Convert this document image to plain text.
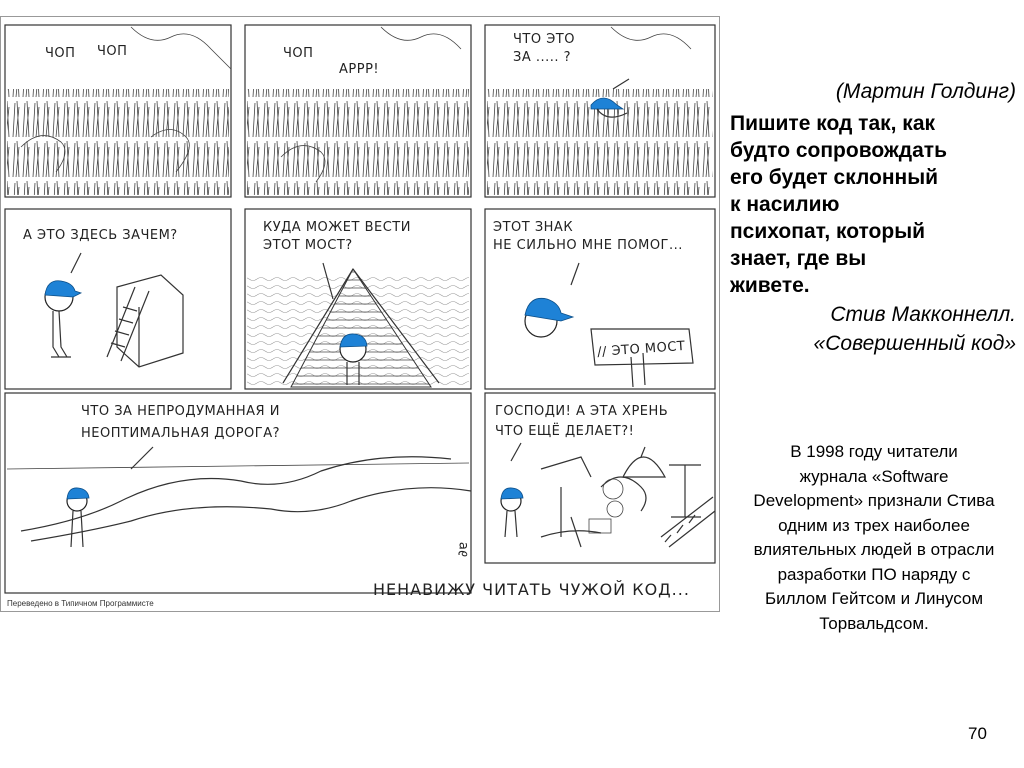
ЧОП ЧОП	ЧОП
АРРР!
ЧТО ЭТО
ЗА ..... ?
А ЭТО ЗДЕСЬ ЗАЧЕМ?
КУДА МОЖЕТ ВЕСТИ
ЭТОТ МОСТ?
ЭТОТ ЗНАК
НЕ СИЛЬНО МНЕ ПОМОГ...
// ЭТО МОСТ
ЧТО ЗА НЕПРОДУМАННАЯ И
НЕОПТИМАЛЬНАЯ ДОРОГА?
∂ɐ
ГОСПОДИ! А ЭТА ХРЕНЬ
ЧТО ЕЩЁ ДЕЛАЕТ?!
НЕНАВИЖУ ЧИТАТЬ ЧУЖОЙ КОД...
Переведено в Типичном Программисте
(Мартин Голдинг)
Пишите код так, как
будто сопровождать
его будет склонный
к насилию
психопат, который
знает, где вы
живете.
Стив Макконнелл.
«Совершенный код»
В 1998 году читатели
журнала «Software
Development» признали Стива
одним из трех наиболее
влиятельных людей в отрасли
разработки ПО наряду с
Биллом Гейтсом и Линусом
Торвальдсом.
70
